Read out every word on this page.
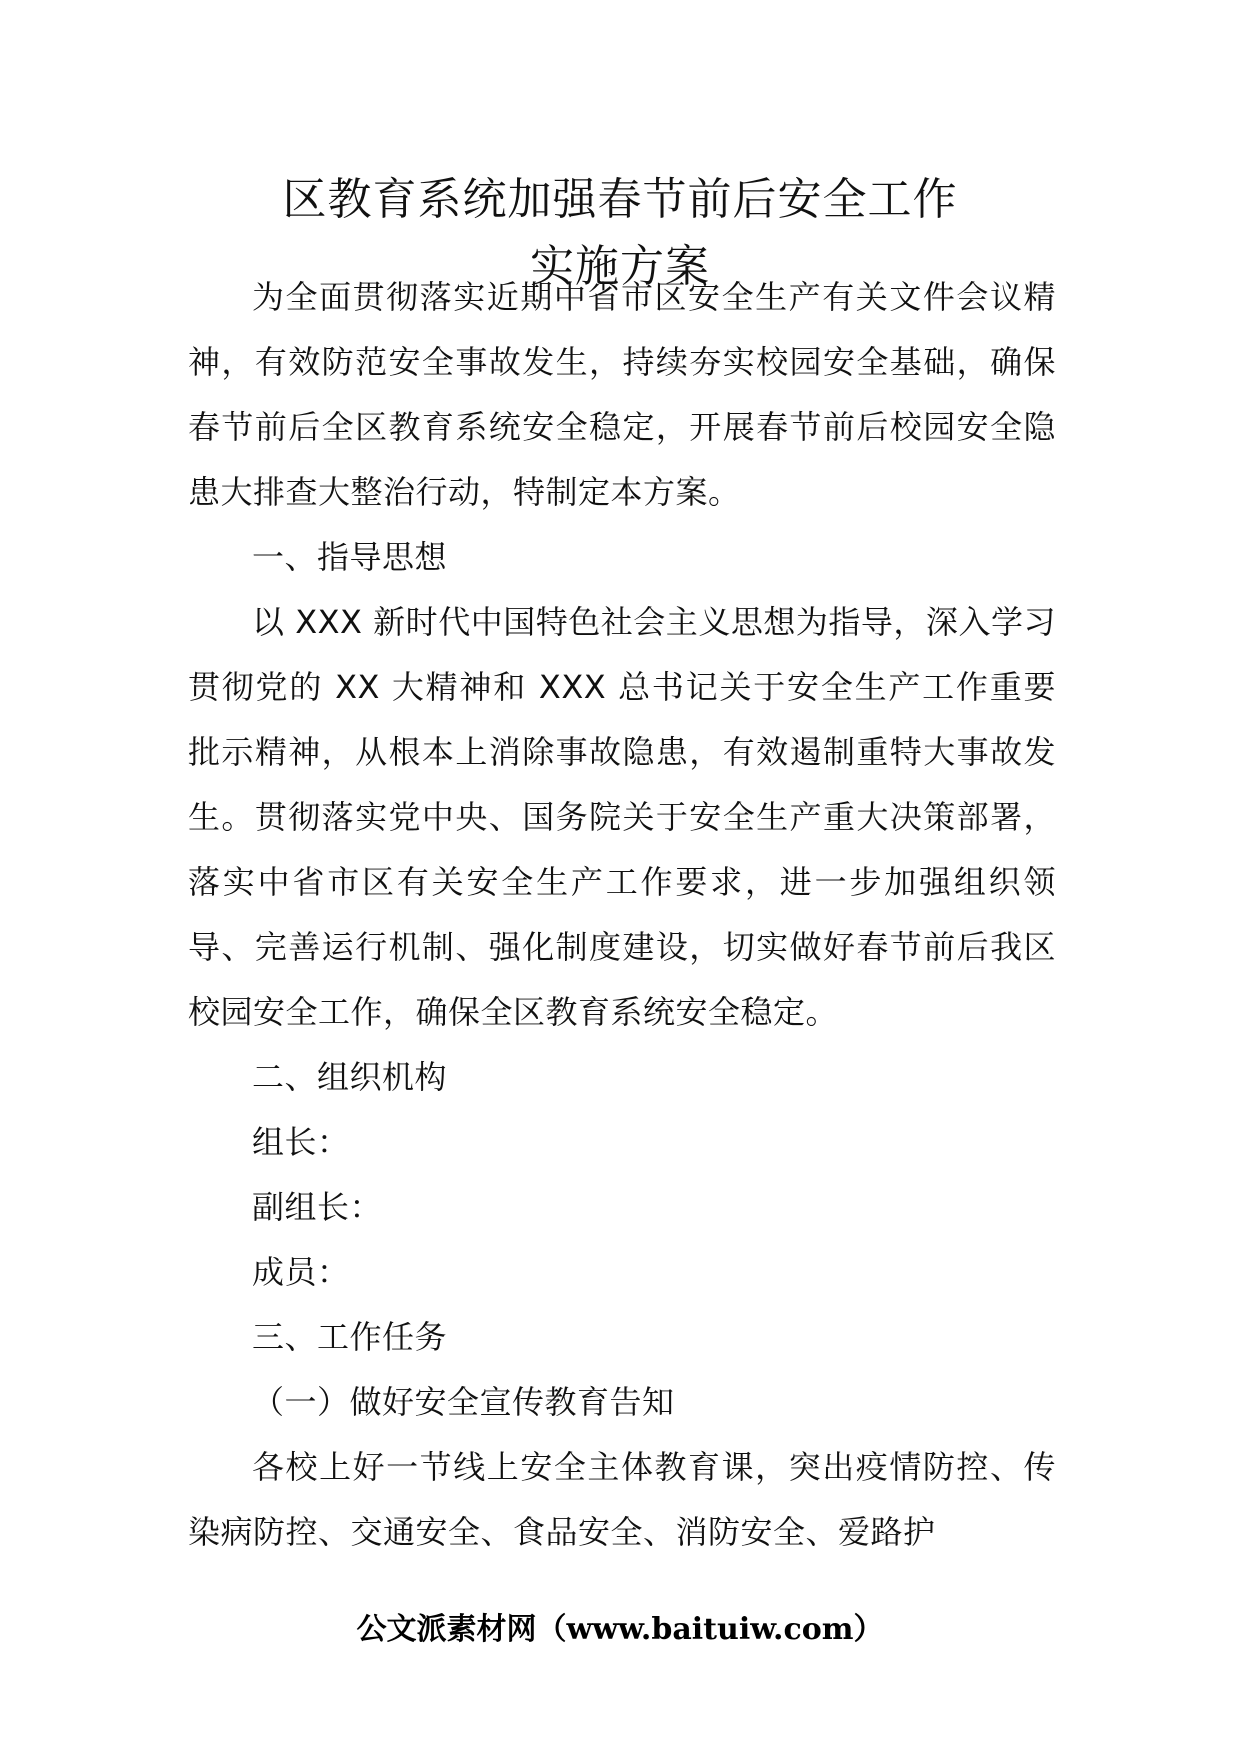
区教育系统加强春节前后安全工作
实施方案

为全面贯彻落实近期中省市区安全生产有关文件会议精神，有效防范安全事故发生，持续夯实校园安全基础，确保春节前后全区教育系统安全稳定，开展春节前后校园安全隐患大排查大整治行动，特制定本方案。

一、指导思想

以 XXX 新时代中国特色社会主义思想为指导，深入学习贯彻党的 XX 大精神和 XXX 总书记关于安全生产工作重要批示精神，从根本上消除事故隐患，有效遏制重特大事故发生。贯彻落实党中央、国务院关于安全生产重大决策部署，落实中省市区有关安全生产工作要求，进一步加强组织领导、完善运行机制、强化制度建设，切实做好春节前后我区校园安全工作，确保全区教育系统安全稳定。

二、组织机构

组长：

副组长：

成员：

三、工作任务

（一）做好安全宣传教育告知

各校上好一节线上安全主体教育课，突出疫情防控、传染病防控、交通安全、食品安全、消防安全、爱路护

公文派素材网（www.baituiw.com）
